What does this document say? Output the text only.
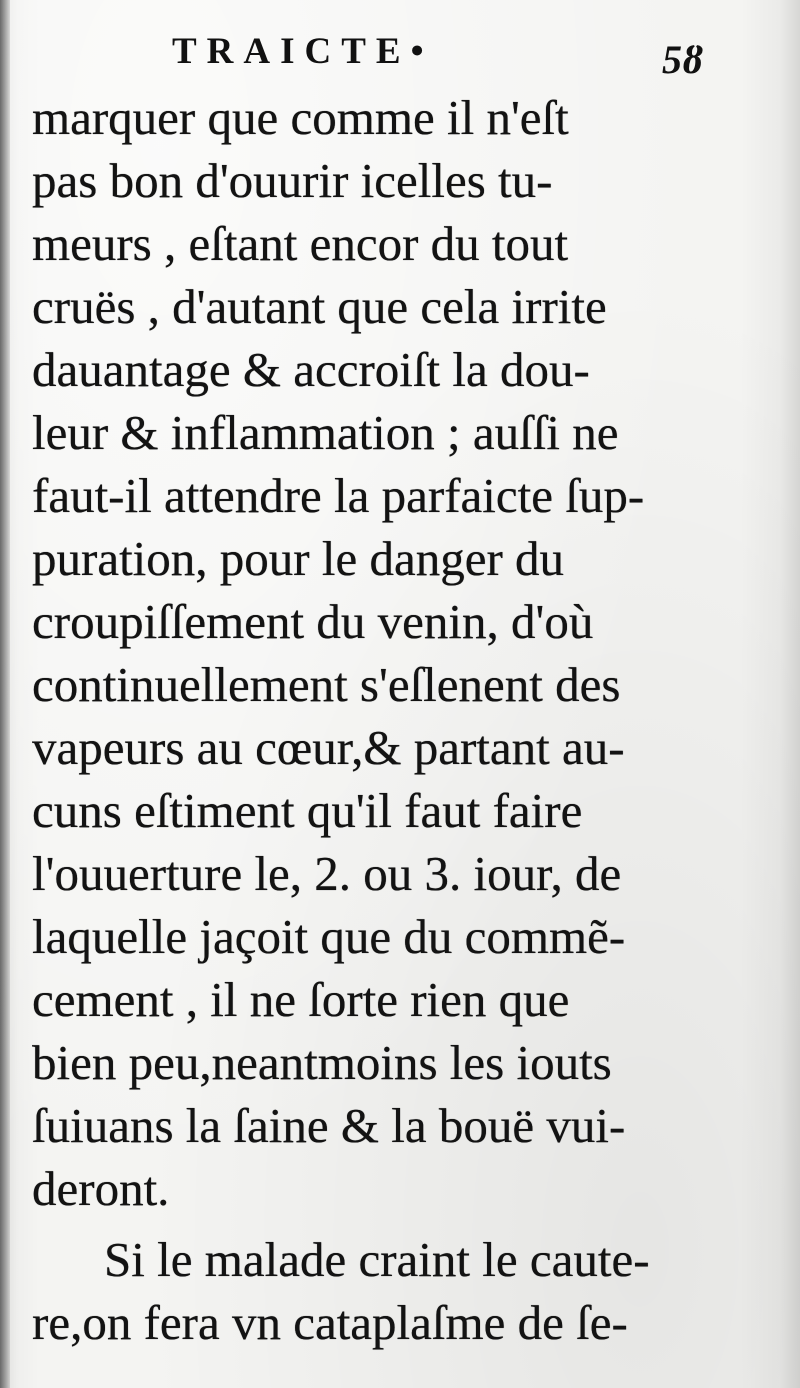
TRAICTE•	5ȣ
marquer que comme il n'eſt
pas bon d'ouurir icelles tu-
meurs , eſtant encor du tout
cruës , d'autant que cela irrite
dauantage & accroiſt la dou-
leur & inflammation ; auſſi ne
faut-il attendre la parfaicte ſup-
puration, pour le danger du
croupiſſement du venin, d'où
continuellement s'eſlenent des
vapeurs au cœur,& partant au-
cuns eſtiment qu'il faut faire
l'ouuerture le, 2. ou 3. iour, de
laquelle jaçoit que du commẽ-
cement , il ne ſorte rien que
bien peu,neantmoins les iouts
ſuiuans la ſaine & la bouë vui-
deront.
Si le malade craint le caute-
re,on fera vn cataplaſme de ſe-
